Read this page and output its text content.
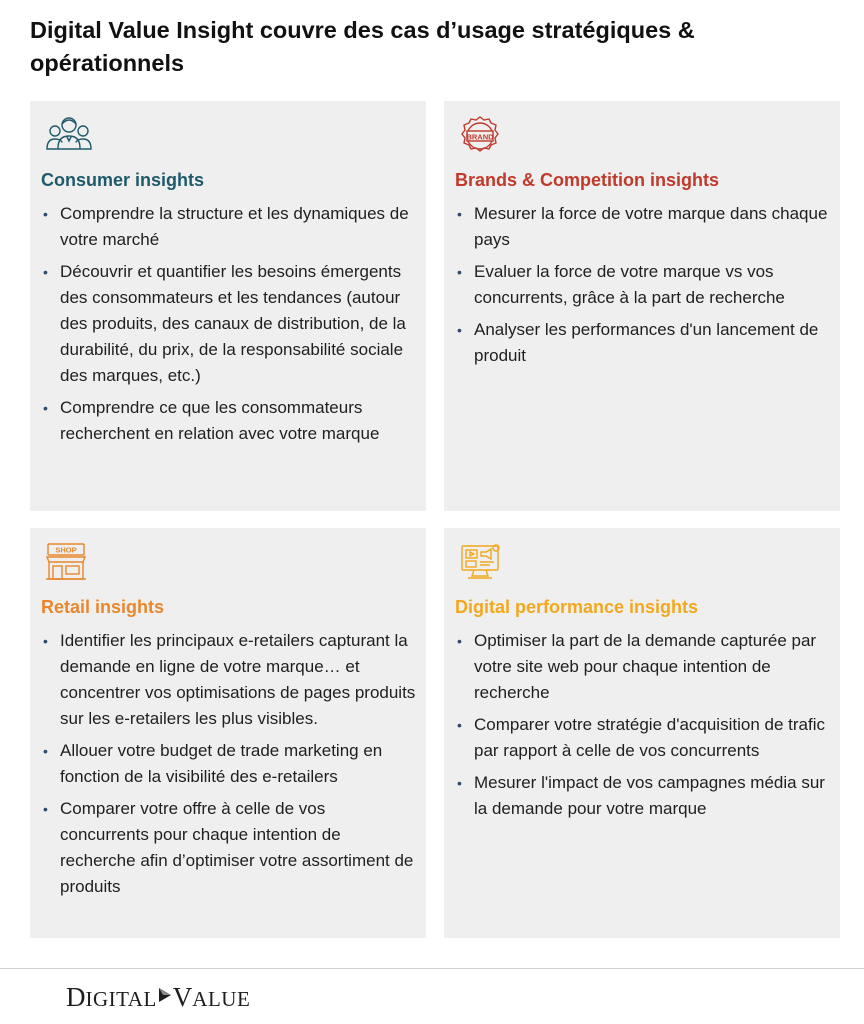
Digital Value Insight couvre des cas d’usage stratégiques & opérationnels
Consumer insights
• Comprendre la structure et les dynamiques de votre marché
• Découvrir et quantifier les besoins émergents des consommateurs et les tendances (autour des produits, des canaux de distribution, de la durabilité, du prix, de la responsabilité sociale des marques, etc.)
• Comprendre ce que les consommateurs recherchent en relation avec votre marque
BRAND
Brands & Competition insights
• Mesurer la force de votre marque dans chaque pays
• Evaluer la force de votre marque vs vos concurrents, grâce à la part de recherche
• Analyser les performances d'un lancement de produit
SHOP
Retail insights
• Identifier les principaux e-retailers capturant la demande en ligne de votre marque… et concentrer vos optimisations de pages produits sur les e-retailers les plus visibles.
• Allouer votre budget de trade marketing en fonction de la visibilité des e-retailers
• Comparer votre offre à celle de vos concurrents pour chaque intention de recherche afin d’optimiser votre assortiment de produits
Digital performance insights
• Optimiser la part de la demande capturée par votre site web pour chaque intention de recherche
• Comparer votre stratégie d'acquisition de trafic par rapport à celle de vos concurrents
• Mesurer l'impact de vos campagnes média sur la demande pour votre marque
D IGITAL V ALUE
